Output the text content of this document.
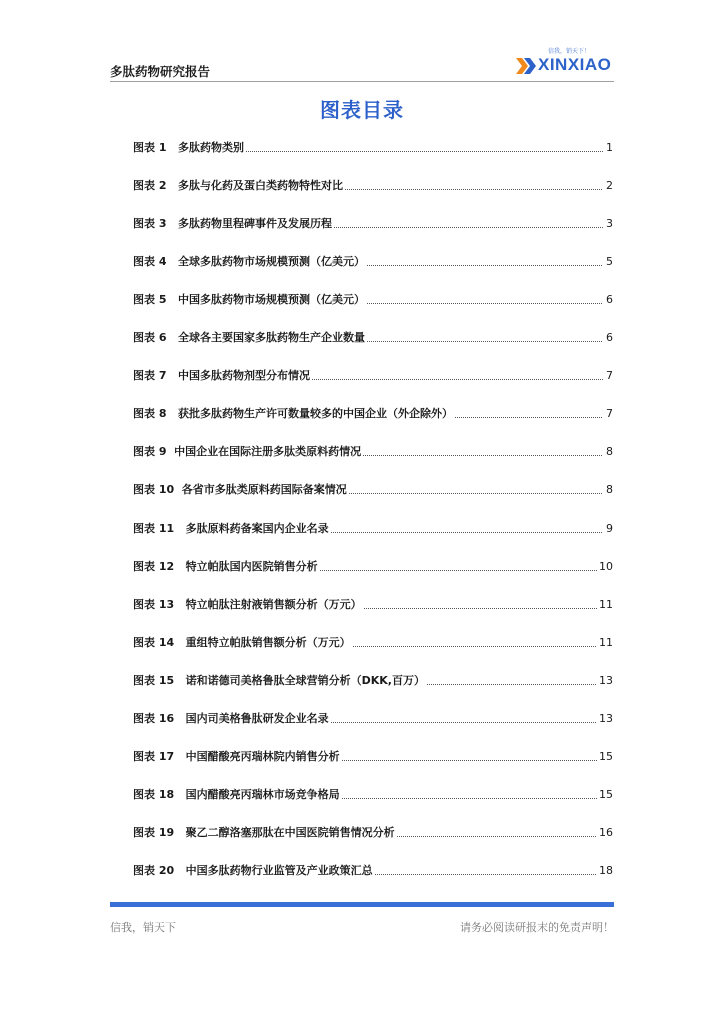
多肽药物研究报告
信我，销天下！
XINXIAO
图表目录
图表 1   多肽药物类别	1
图表 2   多肽与化药及蛋白类药物特性对比	2
图表 3   多肽药物里程碑事件及发展历程	3
图表 4   全球多肽药物市场规模预测（亿美元）	5
图表 5   中国多肽药物市场规模预测（亿美元）	6
图表 6   全球各主要国家多肽药物生产企业数量	6
图表 7   中国多肽药物剂型分布情况	7
图表 8   获批多肽药物生产许可数量较多的中国企业（外企除外）	7
图表 9  中国企业在国际注册多肽类原料药情况	8
图表 10  各省市多肽类原料药国际备案情况	8
图表 11   多肽原料药备案国内企业名录	9
图表 12   特立帕肽国内医院销售分析	10
图表 13   特立帕肽注射液销售额分析（万元）	11
图表 14   重组特立帕肽销售额分析（万元）	11
图表 15   诺和诺德司美格鲁肽全球营销分析（DKK,百万）	13
图表 16   国内司美格鲁肽研发企业名录	13
图表 17   中国醋酸亮丙瑞林院内销售分析	15
图表 18   国内醋酸亮丙瑞林市场竞争格局	15
图表 19   聚乙二醇洛塞那肽在中国医院销售情况分析	16
图表 20   中国多肽药物行业监管及产业政策汇总	18
信我，销天下	请务必阅读研报末的免责声明！
